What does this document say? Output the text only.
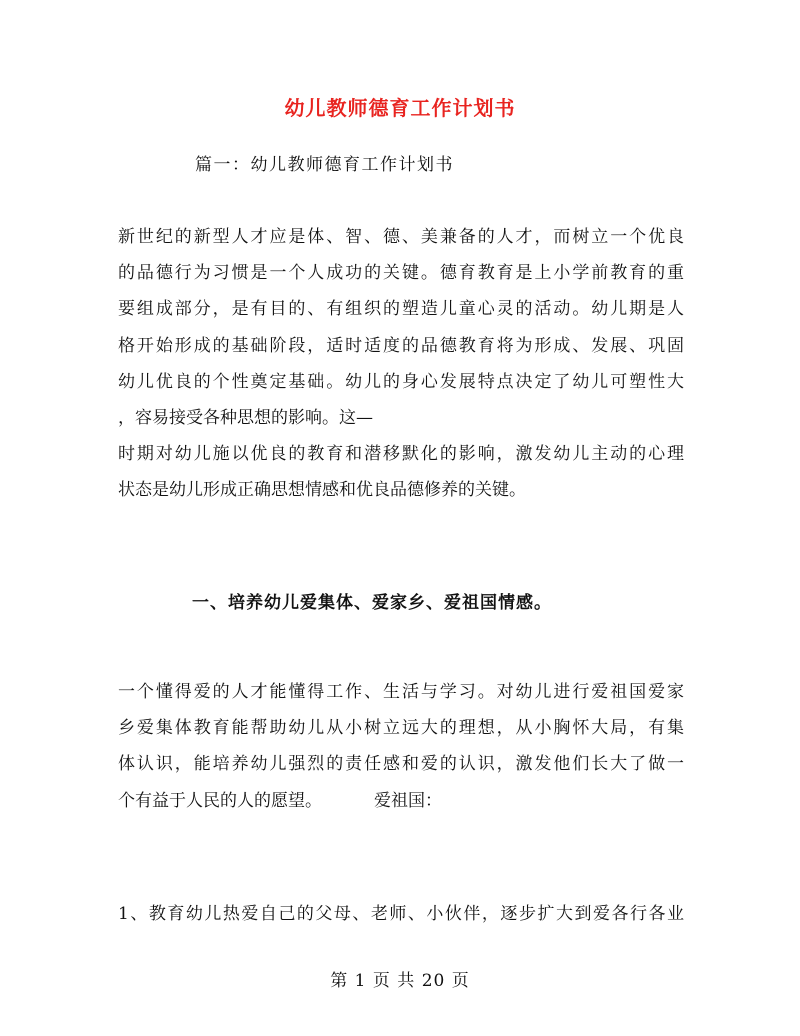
幼儿教师德育工作计划书

篇一：幼儿教师德育工作计划书

新世纪的新型人才应是体、智、德、美兼备的人才，而树立一个优良
的品德行为习惯是一个人成功的关键。德育教育是上小学前教育的重
要组成部分，是有目的、有组织的塑造儿童心灵的活动。幼儿期是人
格开始形成的基础阶段，适时适度的品德教育将为形成、发展、巩固
幼儿优良的个性奠定基础。幼儿的身心发展特点决定了幼儿可塑性大
，容易接受各种思想的影响。这—
时期对幼儿施以优良的教育和潜移默化的影响，激发幼儿主动的心理
状态是幼儿形成正确思想情感和优良品德修养的关键。
一、培养幼儿爱集体、爱家乡、爱祖国情感。
一个懂得爱的人才能懂得工作、生活与学习。对幼儿进行爱祖国爱家
乡爱集体教育能帮助幼儿从小树立远大的理想，从小胸怀大局，有集
体认识，能培养幼儿强烈的责任感和爱的认识，激发他们长大了做一
个有益于人民的人的愿望。	爱祖国：
1、教育幼儿热爱自己的父母、老师、小伙伴，逐步扩大到爱各行各业
第 1 页 共 20 页
